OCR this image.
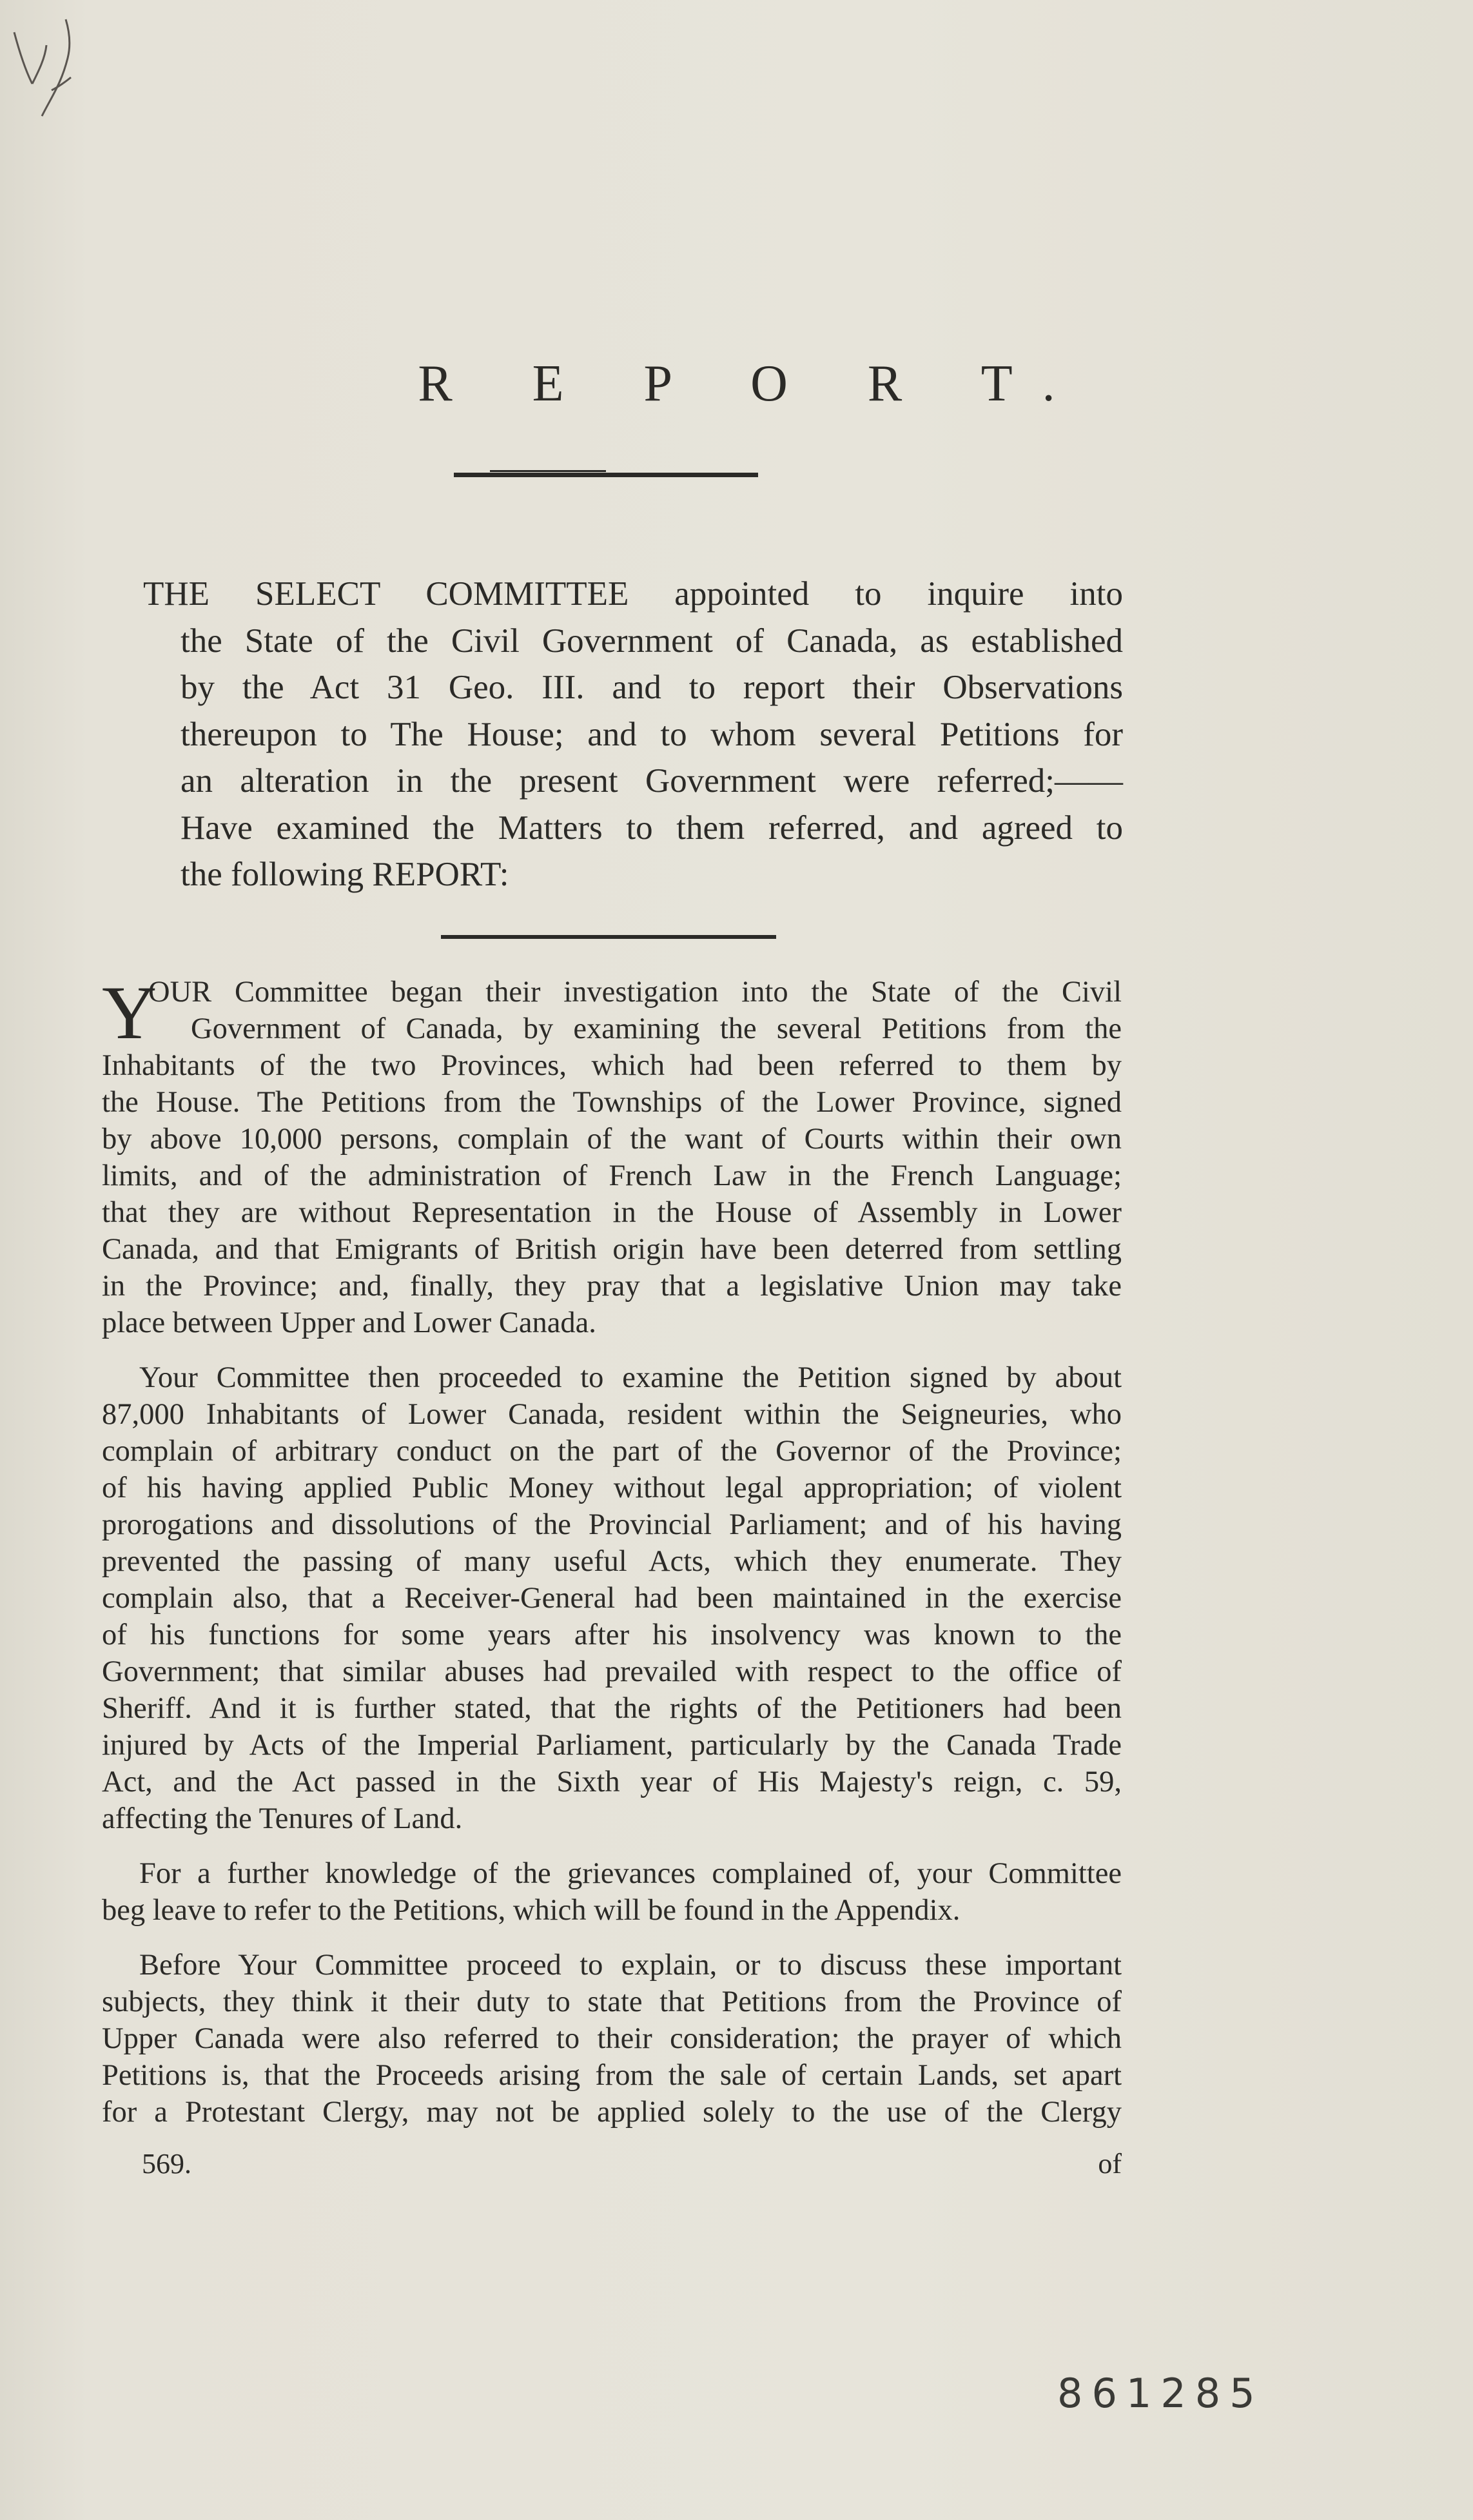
R E P O R T.
THE SELECT COMMITTEE appointed to inquire into
the State of the Civil Government of Canada, as established
by the Act 31 Geo. III. and to report their Observations
thereupon to The House; and to whom several Petitions for
an alteration in the present Government were referred;——
Have examined the Matters to them referred, and agreed to
the following REPORT:
Y
OUR Committee began their investigation into the State of the Civil
Government of Canada, by examining the several Petitions from the
Inhabitants of the two Provinces, which had been referred to them by
the House. The Petitions from the Townships of the Lower Province, signed
by above 10,000 persons, complain of the want of Courts within their own
limits, and of the administration of French Law in the French Language;
that they are without Representation in the House of Assembly in Lower
Canada, and that Emigrants of British origin have been deterred from settling
in the Province; and, finally, they pray that a legislative Union may take
place between Upper and Lower Canada.
Your Committee then proceeded to examine the Petition signed by about
87,000 Inhabitants of Lower Canada, resident within the Seigneuries, who
complain of arbitrary conduct on the part of the Governor of the Province;
of his having applied Public Money without legal appropriation; of violent
prorogations and dissolutions of the Provincial Parliament; and of his having
prevented the passing of many useful Acts, which they enumerate. They
complain also, that a Receiver-General had been maintained in the exercise
of his functions for some years after his insolvency was known to the
Government; that similar abuses had prevailed with respect to the office of
Sheriff. And it is further stated, that the rights of the Petitioners had been
injured by Acts of the Imperial Parliament, particularly by the Canada Trade
Act, and the Act passed in the Sixth year of His Majesty's reign, c. 59,
affecting the Tenures of Land.
For a further knowledge of the grievances complained of, your Committee
beg leave to refer to the Petitions, which will be found in the Appendix.
Before Your Committee proceed to explain, or to discuss these important
subjects, they think it their duty to state that Petitions from the Province of
Upper Canada were also referred to their consideration; the prayer of which
Petitions is, that the Proceeds arising from the sale of certain Lands, set apart
for a Protestant Clergy, may not be applied solely to the use of the Clergy
569.	of
861285
